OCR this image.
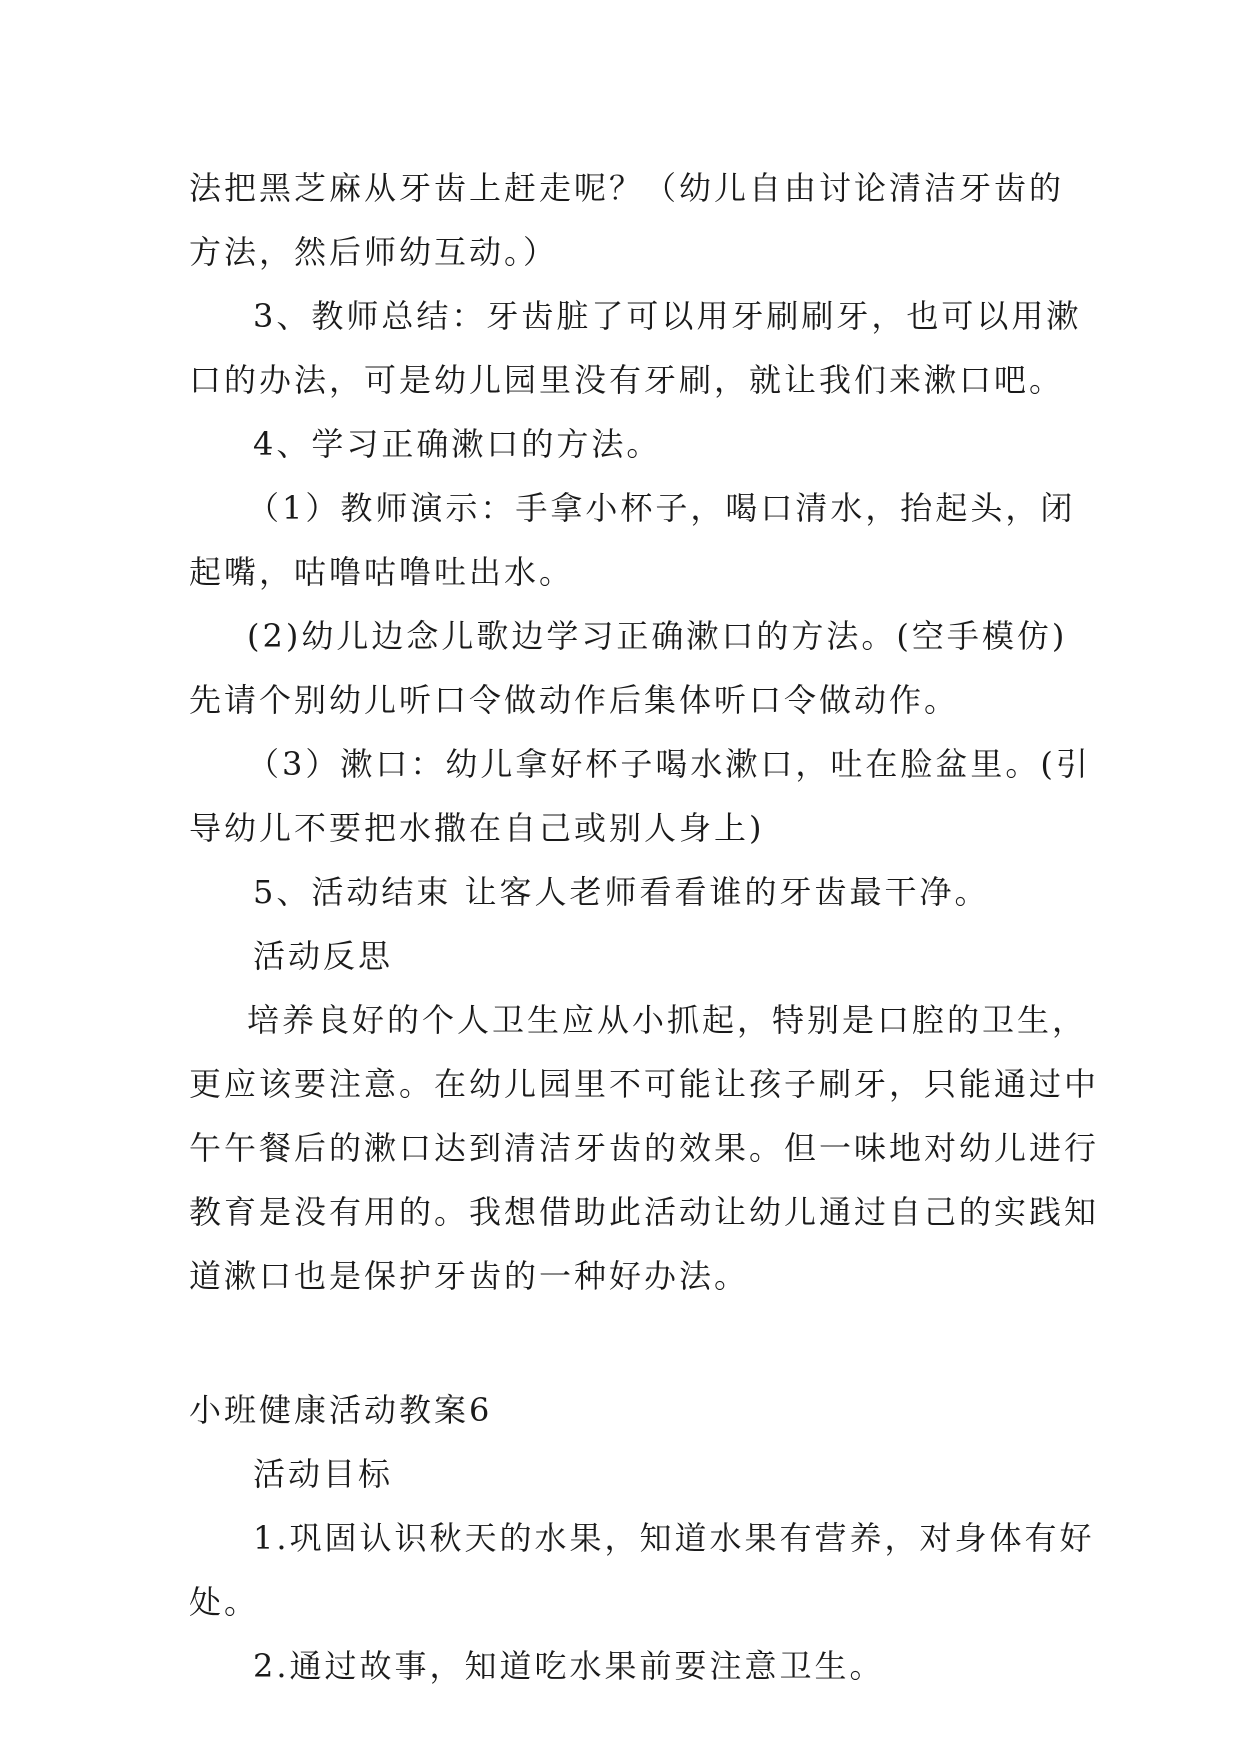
法把黑芝麻从牙齿上赶走呢？（幼儿自由讨论清洁牙齿的
方法，然后师幼互动。）
3、教师总结：牙齿脏了可以用牙刷刷牙，也可以用漱
口的办法，可是幼儿园里没有牙刷，就让我们来漱口吧。
4、学习正确漱口的方法。
（1）教师演示：手拿小杯子，喝口清水，抬起头，闭
起嘴，咕噜咕噜吐出水。
(2)幼儿边念儿歌边学习正确漱口的方法。(空手模仿)
先请个别幼儿听口令做动作后集体听口令做动作。
（3）漱口：幼儿拿好杯子喝水漱口，吐在脸盆里。(引
导幼儿不要把水撒在自己或别人身上)
5、活动结束 让客人老师看看谁的牙齿最干净。
活动反思
培养良好的个人卫生应从小抓起，特别是口腔的卫生，
更应该要注意。在幼儿园里不可能让孩子刷牙，只能通过中
午午餐后的漱口达到清洁牙齿的效果。但一味地对幼儿进行
教育是没有用的。我想借助此活动让幼儿通过自己的实践知
道漱口也是保护牙齿的一种好办法。
小班健康活动教案6
活动目标
1.巩固认识秋天的水果，知道水果有营养，对身体有好
处。
2.通过故事，知道吃水果前要注意卫生。
